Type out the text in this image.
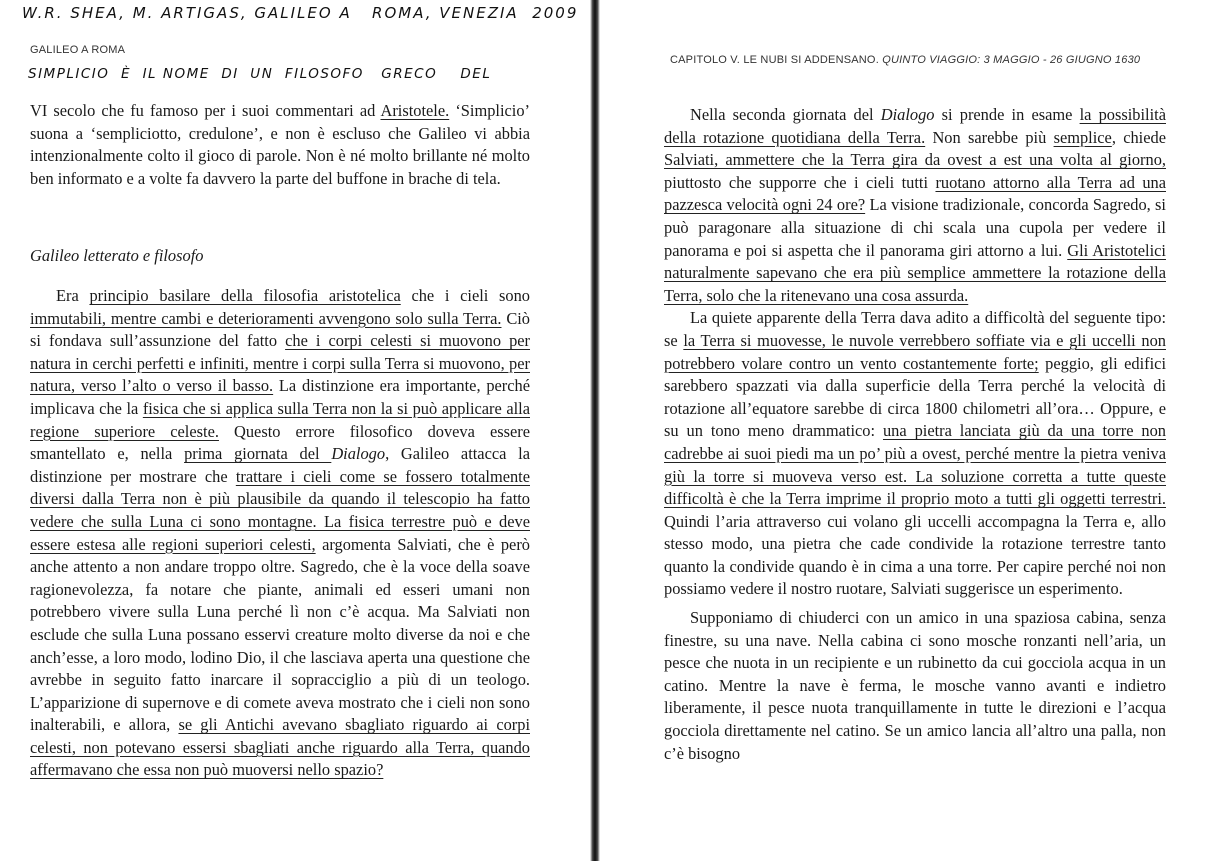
W.R. SHEA, M. ARTIGAS, GALILEO A   ROMA, VENEZIA  2009
GALILEO A ROMA
SIMPLICIO  È  IL NOME  DI  UN  FILOSOFO   GRECO    DEL

VI secolo che fu famoso per i suoi commentari ad Aristotele. ‘Simplicio’ suona a ‘sempliciotto, credulone’, e non è escluso che Galileo vi abbia intenzionalmente colto il gioco di parole. Non è né molto brillante né molto ben informato e a volte fa davvero la parte del buffone in brache di tela.

Galileo letterato e filosofo

Era principio basilare della filosofia aristotelica che i cieli sono immutabili, mentre cambi e deterioramenti avvengono solo sulla Terra. Ciò si fondava sull’assunzione del fatto che i corpi celesti si muovono per natura in cerchi perfetti e infiniti, mentre i corpi sulla Terra si muovono, per natura, verso l’alto o verso il basso. La distinzione era importante, perché implicava che la fisica che si applica sulla Terra non la si può applicare alla regione superiore celeste. Questo errore filosofico doveva essere smantellato e, nella prima giornata del Dialogo, Galileo attacca la distinzione per mostrare che trattare i cieli come se fossero totalmente diversi dalla Terra non è più plausibile da quando il telescopio ha fatto vedere che sulla Luna ci sono montagne. La fisica terrestre può e deve essere estesa alle regioni superiori celesti, argomenta Salviati, che è però anche attento a non andare troppo oltre. Sagredo, che è la voce della soave ragionevolezza, fa notare che piante, animali ed esseri umani non potrebbero vivere sulla Luna perché lì non c’è acqua. Ma Salviati non esclude che sulla Luna possano esservi creature molto diverse da noi e che anch’esse, a loro modo, lodino Dio, il che lasciava aperta una questione che avrebbe in seguito fatto inarcare il sopracciglio a più di un teologo. L’apparizione di supernove e di comete aveva mostrato che i cieli non sono inalterabili, e allora, se gli Antichi avevano sbagliato riguardo ai corpi celesti, non potevano essersi sbagliati anche riguardo alla Terra, quando affermavano che essa non può muoversi nello spazio?

CAPITOLO V. LE NUBI SI ADDENSANO. QUINTO VIAGGIO: 3 MAGGIO - 26 GIUGNO 1630

Nella seconda giornata del Dialogo si prende in esame la possibilità della rotazione quotidiana della Terra. Non sarebbe più semplice, chiede Salviati, ammettere che la Terra gira da ovest a est una volta al giorno, piuttosto che supporre che i cieli tutti ruotano attorno alla Terra ad una pazzesca velocità ogni 24 ore? La visione tradizionale, concorda Sagredo, si può paragonare alla situazione di chi scala una cupola per vedere il panorama e poi si aspetta che il panorama giri attorno a lui. Gli Aristotelici naturalmente sapevano che era più semplice ammettere la rotazione della Terra, solo che la ritenevano una cosa assurda.

La quiete apparente della Terra dava adito a difficoltà del seguente tipo: se la Terra si muovesse, le nuvole verrebbero soffiate via e gli uccelli non potrebbero volare contro un vento costantemente forte; peggio, gli edifici sarebbero spazzati via dalla superficie della Terra perché la velocità di rotazione all’equatore sarebbe di circa 1800 chilometri all’ora… Oppure, e su un tono meno drammatico: una pietra lanciata giù da una torre non cadrebbe ai suoi piedi ma un po’ più a ovest, perché mentre la pietra veniva giù la torre si muoveva verso est. La soluzione corretta a tutte queste difficoltà è che la Terra imprime il proprio moto a tutti gli oggetti terrestri. Quindi l’aria attraverso cui volano gli uccelli accompagna la Terra e, allo stesso modo, una pietra che cade condivide la rotazione terrestre tanto quanto la condivide quando è in cima a una torre. Per capire perché noi non possiamo vedere il nostro ruotare, Salviati suggerisce un esperimento.

Supponiamo di chiuderci con un amico in una spaziosa cabina, senza finestre, su una nave. Nella cabina ci sono mosche ronzanti nell’aria, un pesce che nuota in un recipiente e un rubinetto da cui gocciola acqua in un catino. Mentre la nave è ferma, le mosche vanno avanti e indietro liberamente, il pesce nuota tranquillamente in tutte le direzioni e l’acqua gocciola direttamente nel catino. Se un amico lancia all’altro una palla, non c’è bisogno
